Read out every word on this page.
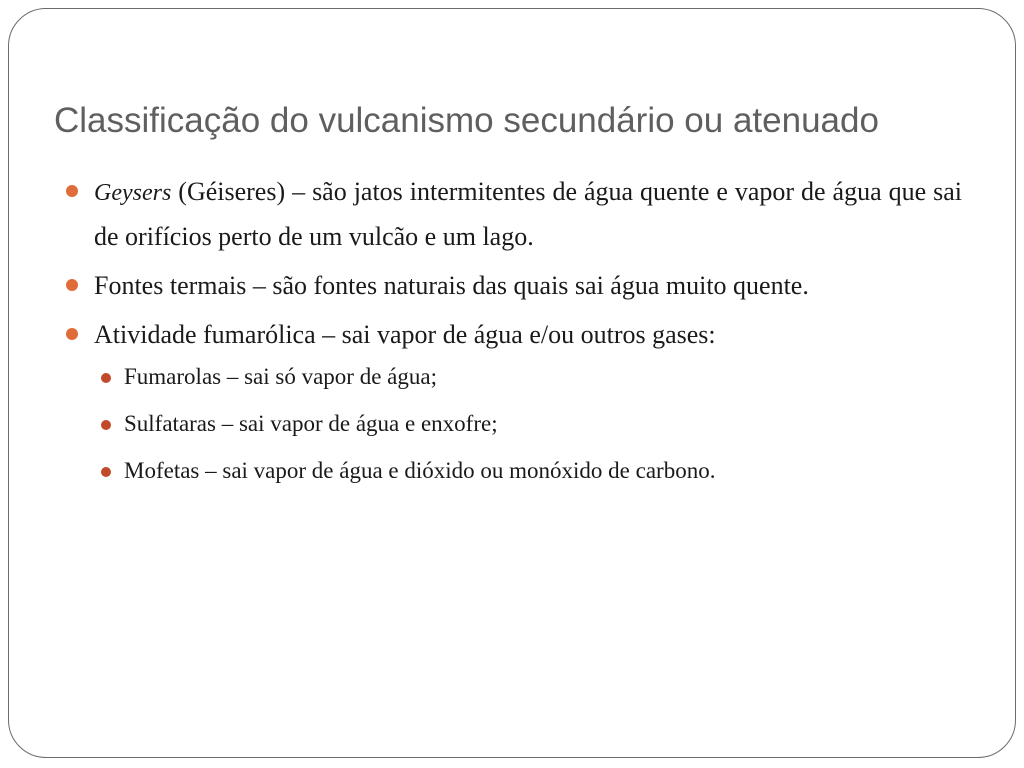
Classificação do vulcanismo secundário ou atenuado
Geysers (Géiseres) – são jatos intermitentes de água quente e vapor de água que sai de orifícios perto de um vulcão e um lago.
Fontes termais – são fontes naturais das quais sai água muito quente.
Atividade fumarólica – sai vapor de água e/ou outros gases:
Fumarolas – sai só vapor de água;
Sulfataras – sai vapor de água e enxofre;
Mofetas – sai vapor de água e dióxido ou monóxido de carbono.
